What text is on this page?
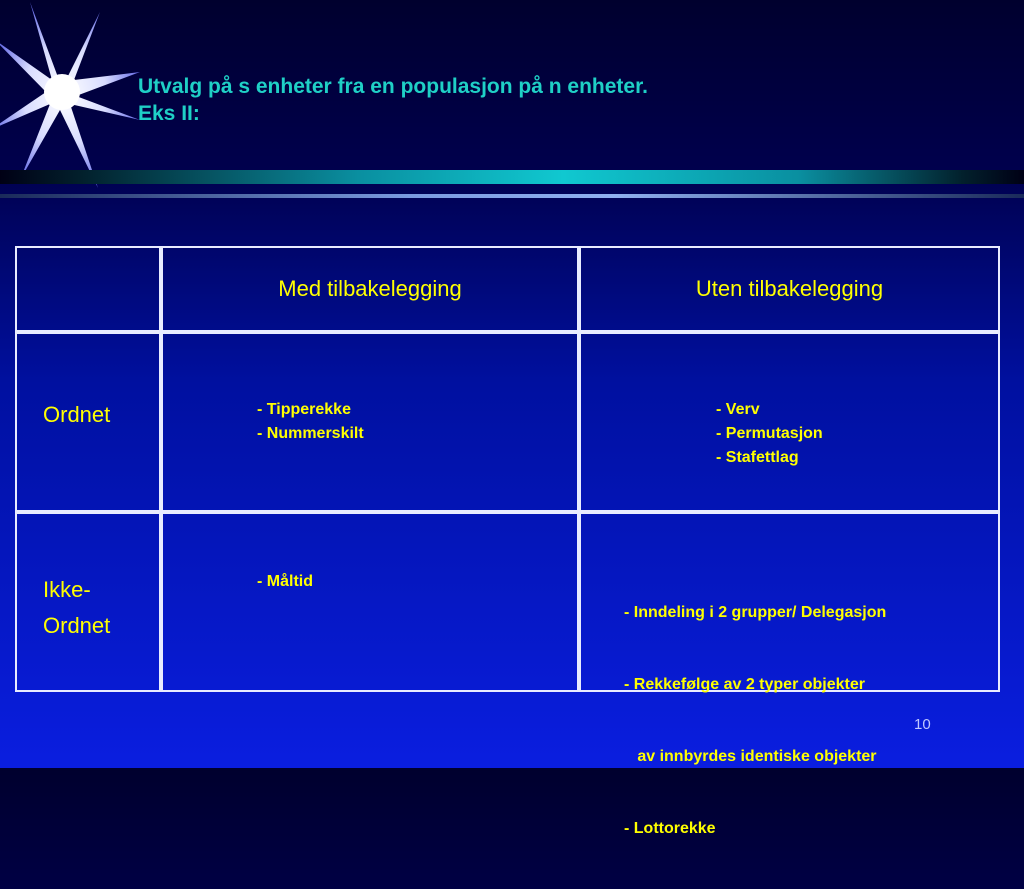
Utvalg på s enheter fra en populasjon på n enheter.
Eks II:
Med tilbakelegging	Uten tilbakelegging
Ordnet	- Tipperekke
- Nummerskilt
- Verv
- Permutasjon
- Stafettlag
Ikke-
Ordnet
- Måltid

- Inndeling i 2 grupper/ Delegasjon

- Rekkefølge av 2 typer objekter

av innbyrdes identiske objekter

- Lottorekke

10
